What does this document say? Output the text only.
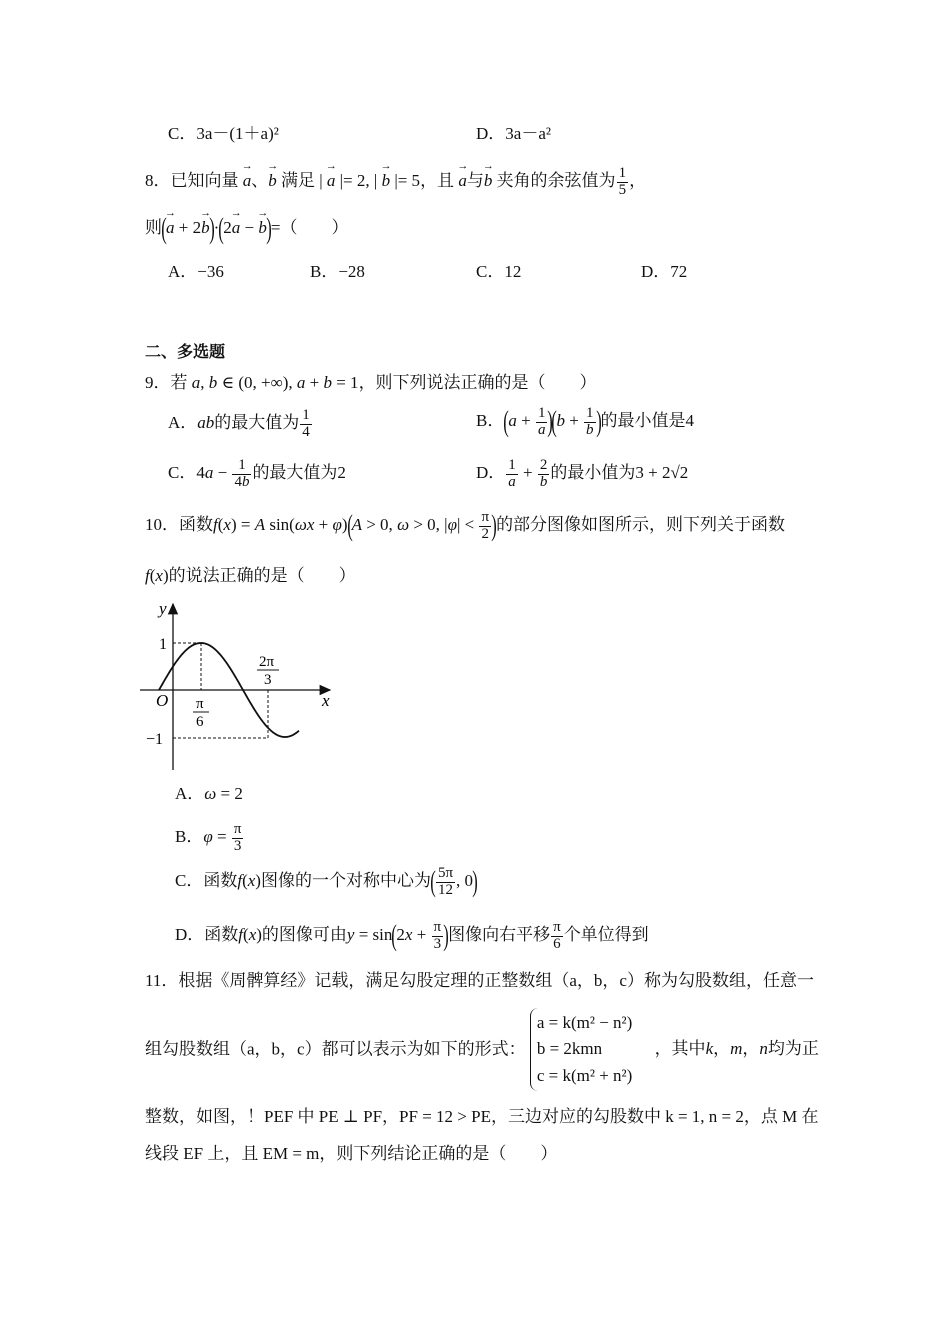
C．3a－(1＋a)²	D．3a－a²
8．已知向量 → a、→ b 满足 | → a |= 2, | → b |= 5，且 → a与→ b 夹角的余弦值为 $\frac{1}{5}$ ，
则(→ a + 2→ b)·(2→ a − → b)=（　　）
A．−36	B．−28	C．12	D．72
二、多选题
9．若 a, b ∈ (0, +∞), a + b = 1，则下列说法正确的是（　　）
A．ab的最大值为 $\frac{1}{4}$	B．$(a + \frac{1}{a} )(b + \frac{1}{b}$ )的最小值是4
C．$4a - \frac{1}{4b}$ 的最大值为2	D． $\frac{1}{a} + \frac{2}{b}$ 的最小值为3 + 2√2
10．函数f(x) = A sin(ωx + φ)(A > 0, ω > 0, $|\varphi| < \frac{\pi}{2}$ )的部分图像如图所示，则下列关于函数
f(x)的说法正确的是（　　）
y
x
O
1
−1
π
6
2π
3
A．ω = 2
B．$\varphi = \frac{\pi}{3}$
C．函数f(x)图像的一个对称中心为( $\frac{5\pi}{12}$ , 0)
D．函数f(x)的图像可由$y = \sin(2x + \frac{\pi}{3}$ )图像向右平移 $\frac{\pi}{6}$ 个单位得到
11．根据《周髀算经》记载，满足勾股定理的正整数组（a，b，c）称为勾股数组，任意一
组勾股数组（a，b，c）都可以表示为如下的形式：
a = k(m² − n²)
b = 2kmn
c = k(m² + n²)
，其中k，m，n均为正
整数，如图，！PEF 中 PE ⊥ PF，PF = 12 > PE，三边对应的勾股数中 k = 1, n = 2，点 M 在
线段 EF 上，且 EM = m，则下列结论正确的是（　　）
